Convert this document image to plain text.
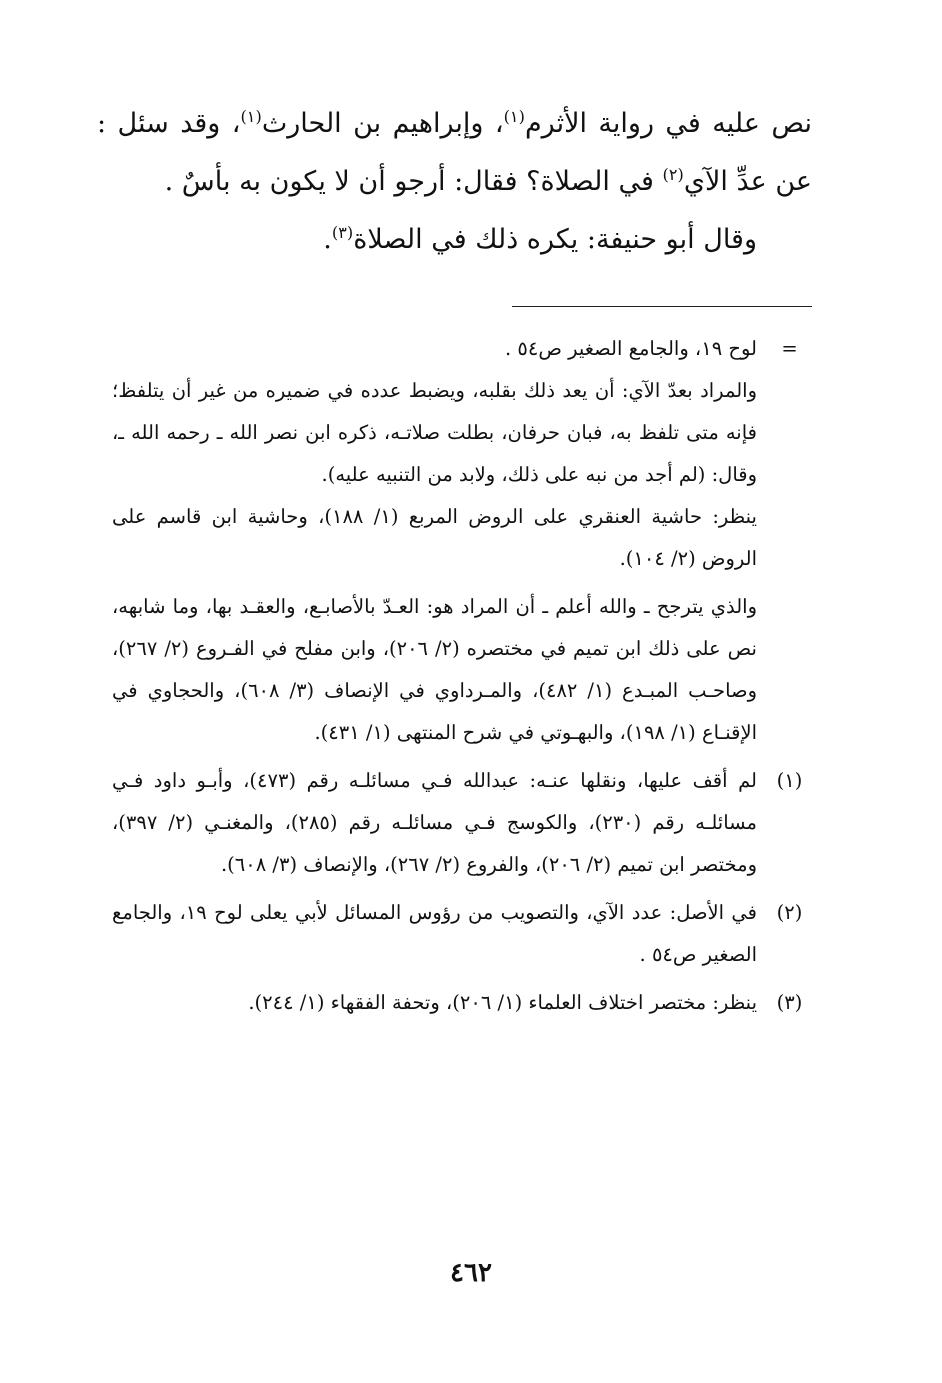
نص عليه في رواية الأثرم$^{(١)}$، وإبراهيم بن الحارث$^{(١)}$، وقد سئل : عن عدِّ الآي$^{(٢)}$ في الصلاة؟ فقال: أرجو أن لا يكون به بأسٌ .

وقال أبو حنيفة: يكره ذلك في الصلاة$^{(٣)}$.

=

لوح ١٩، والجامع الصغير ص٥٤ .

والمراد بعدّ الآي: أن يعد ذلك بقلبه، ويضبط عدده في ضميره من غير أن يتلفظ؛ فإنه متى تلفظ به، فبان حرفان، بطلت صلاتـه، ذكره ابن نصر الله ـ رحمه الله ـ، وقال: (لم أجد من نبه على ذلك، ولابد من التنبيه عليه).

ينظر: حاشية العنقري على الروض المربع (١/ ١٨٨)، وحاشية ابن قاسم على الروض (٢/ ١٠٤).

والذي يترجح ـ والله أعلم ـ أن المراد هو: العـدّ بالأصابـع، والعقـد بها، وما شابهه، نص على ذلك ابن تميم في مختصره (٢/ ٢٠٦)، وابن مفلح في الفـروع (٢/ ٢٦٧)، وصاحـب المبـدع (١/ ٤٨٢)، والمـرداوي في الإنصاف (٣/ ٦٠٨)، والحجاوي في الإقنـاع (١/ ١٩٨)، والبهـوتي في شرح المنتهى (١/ ٤٣١).

(١)
لم أقف عليها، ونقلها عنـه: عبدالله فـي مسائلـه رقم (٤٧٣)، وأبـو داود فـي مسائلـه رقم (٢٣٠)، والكوسج فـي مسائلـه رقم (٢٨٥)، والمغنـي (٢/ ٣٩٧)، ومختصر ابن تميم (٢/ ٢٠٦)، والفروع (٢/ ٢٦٧)، والإنصاف (٣/ ٦٠٨).
(٢)
في الأصل: عدد الآي، والتصويب من رؤوس المسائل لأبي يعلى لوح ١٩، والجامع الصغير ص٥٤ .
(٣)
ينظر: مختصر اختلاف العلماء (١/ ٢٠٦)، وتحفة الفقهاء (١/ ٢٤٤).
٤٦٢
